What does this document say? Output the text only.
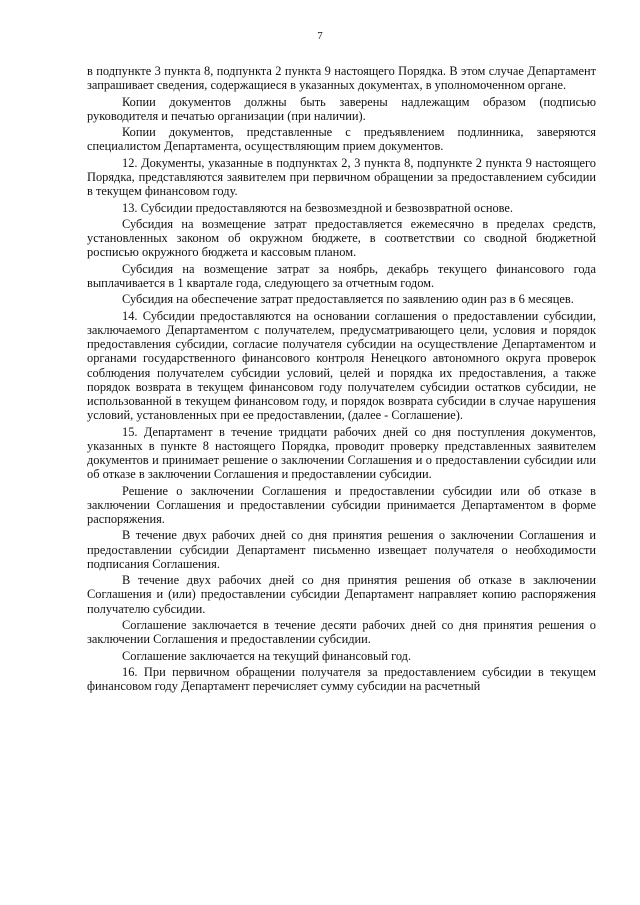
7

в подпункте 3 пункта 8, подпункта 2 пункта 9 настоящего Порядка. В этом случае Департамент запрашивает сведения, содержащиеся в указанных документах, в уполномоченном органе.

Копии документов должны быть заверены надлежащим образом (подписью руководителя и печатью организации (при наличии).

Копии документов, представленные с предъявлением подлинника, заверяются специалистом Департамента, осуществляющим прием документов.

12. Документы, указанные в подпунктах 2, 3 пункта 8, подпункте 2 пункта 9 настоящего Порядка, представляются заявителем при первичном обращении за предоставлением субсидии в текущем финансовом году.

13. Субсидии предоставляются на безвозмездной и безвозвратной основе.

Субсидия на возмещение затрат предоставляется ежемесячно в пределах средств, установленных законом об окружном бюджете, в соответствии со сводной бюджетной росписью окружного бюджета и кассовым планом.

Субсидия на возмещение затрат за ноябрь, декабрь текущего финансового года выплачивается в 1 квартале года, следующего за отчетным годом.

Субсидия на обеспечение затрат предоставляется по заявлению один раз в 6 месяцев.

14. Субсидии предоставляются на основании соглашения о предоставлении субсидии, заключаемого Департаментом с получателем, предусматривающего цели, условия и порядок предоставления субсидии, согласие получателя субсидии на осуществление Департаментом и органами государственного финансового контроля Ненецкого автономного округа проверок соблюдения получателем субсидии условий, целей и порядка их предоставления, а также порядок возврата в текущем финансовом году получателем субсидии остатков субсидии, не использованной в текущем финансовом году, и порядок возврата субсидии в случае нарушения условий, установленных при ее предоставлении, (далее - Соглашение).

15. Департамент в течение тридцати рабочих дней со дня поступления документов, указанных в пункте 8 настоящего Порядка, проводит проверку представленных заявителем документов и принимает решение о заключении Соглашения и о предоставлении субсидии или об отказе в заключении Соглашения и предоставлении субсидии.

Решение о заключении Соглашения и предоставлении субсидии или об отказе в заключении Соглашения и предоставлении субсидии принимается Департаментом в форме распоряжения.

В течение двух рабочих дней со дня принятия решения о заключении Соглашения и предоставлении субсидии Департамент письменно извещает получателя о необходимости подписания Соглашения.

В течение двух рабочих дней со дня принятия решения об отказе в заключении Соглашения и (или) предоставлении субсидии Департамент направляет копию распоряжения получателю субсидии.

Соглашение заключается в течение десяти рабочих дней со дня принятия решения о заключении Соглашения и предоставлении субсидии.

Соглашение заключается на текущий финансовый год.

16. При первичном обращении получателя за предоставлением субсидии в текущем финансовом году Департамент перечисляет сумму субсидии на расчетный
